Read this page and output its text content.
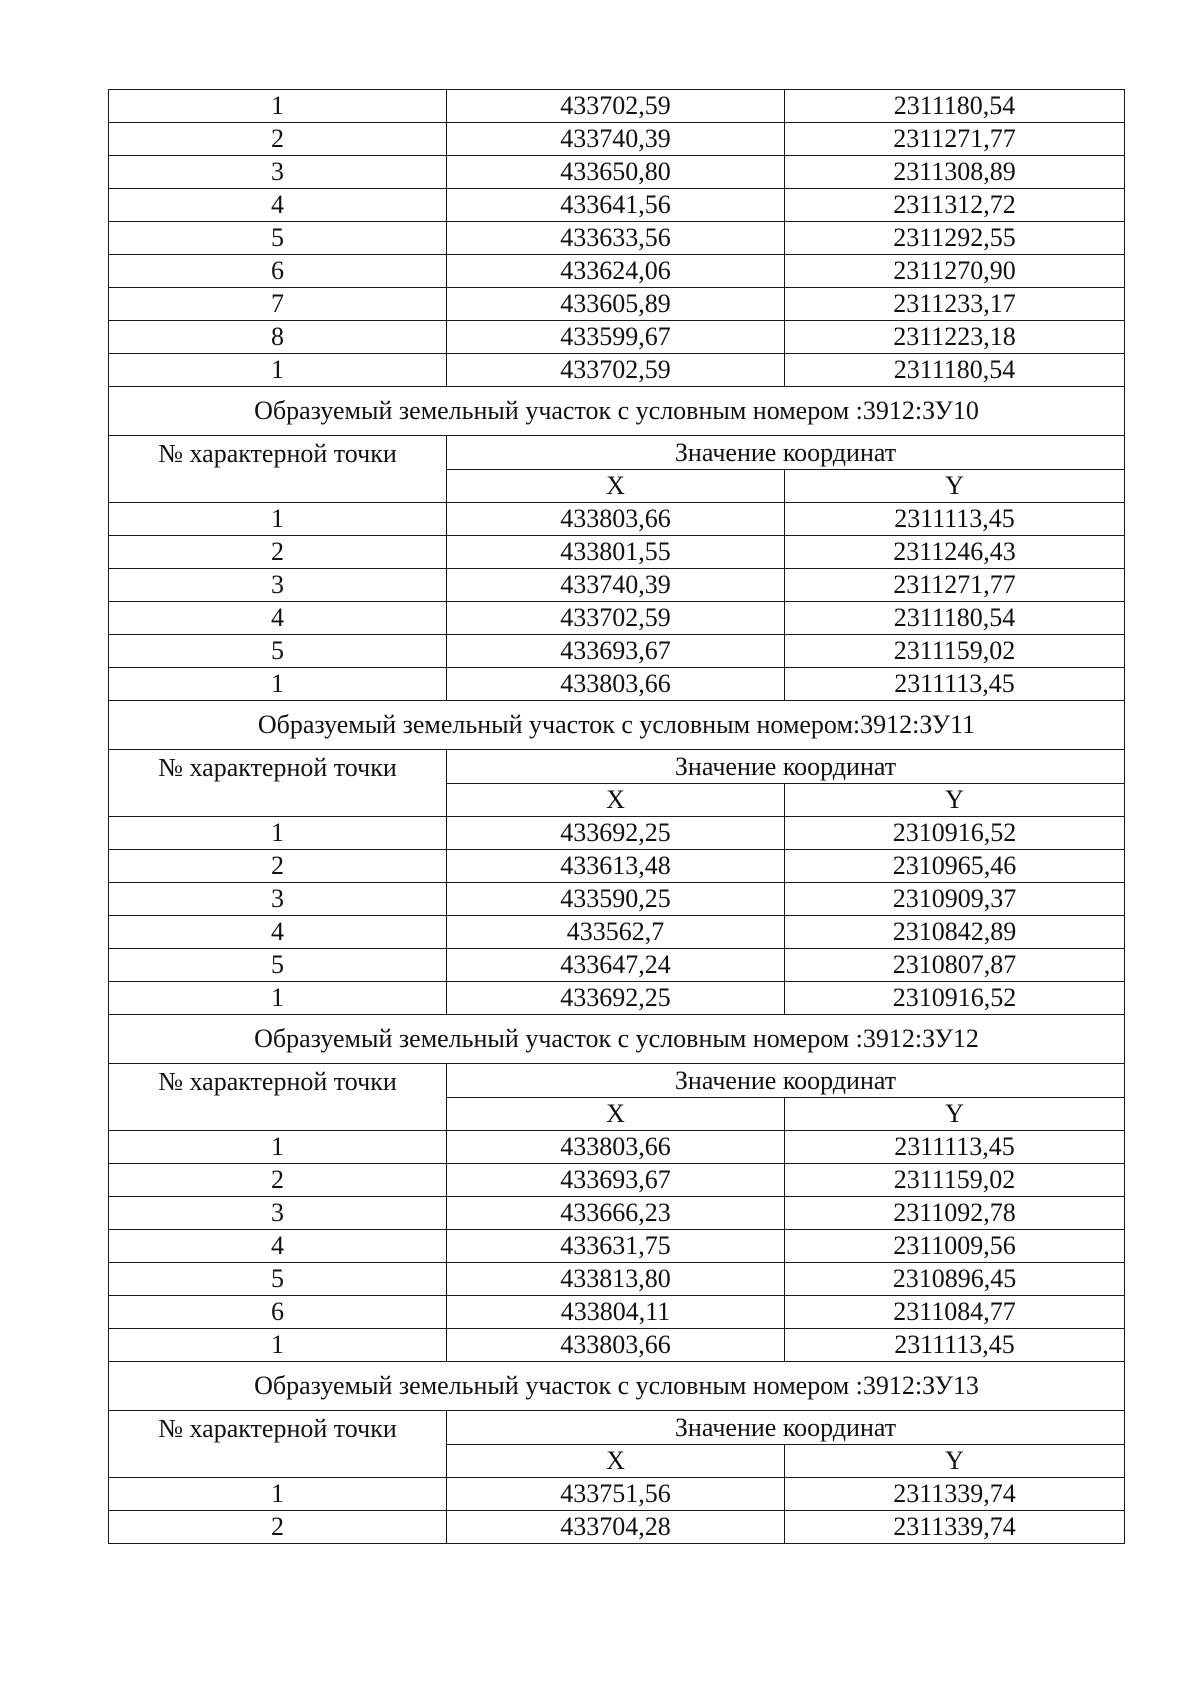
1	433702,59	2311180,54
2	433740,39	2311271,77
3	433650,80	2311308,89
4	433641,56	2311312,72
5	433633,56	2311292,55
6	433624,06	2311270,90
7	433605,89	2311233,17
8	433599,67	2311223,18
1	433702,59	2311180,54
Образуемый земельный участок с условным номером :3912:ЗУ10		
№ характерной точки	Значение координат	
	X	Y
1	433803,66	2311113,45
2	433801,55	2311246,43
3	433740,39	2311271,77
4	433702,59	2311180,54
5	433693,67	2311159,02
1	433803,66	2311113,45
Образуемый земельный участок с условным номером:3912:ЗУ11		
№ характерной точки	Значение координат	
	X	Y
1	433692,25	2310916,52
2	433613,48	2310965,46
3	433590,25	2310909,37
4	433562,7	2310842,89
5	433647,24	2310807,87
1	433692,25	2310916,52
Образуемый земельный участок с условным номером :3912:ЗУ12		
№ характерной точки	Значение координат	
	X	Y
1	433803,66	2311113,45
2	433693,67	2311159,02
3	433666,23	2311092,78
4	433631,75	2311009,56
5	433813,80	2310896,45
6	433804,11	2311084,77
1	433803,66	2311113,45
Образуемый земельный участок с условным номером :3912:ЗУ13		
№ характерной точки	Значение координат	
	X	Y
1	433751,56	2311339,74
2	433704,28	2311339,74
